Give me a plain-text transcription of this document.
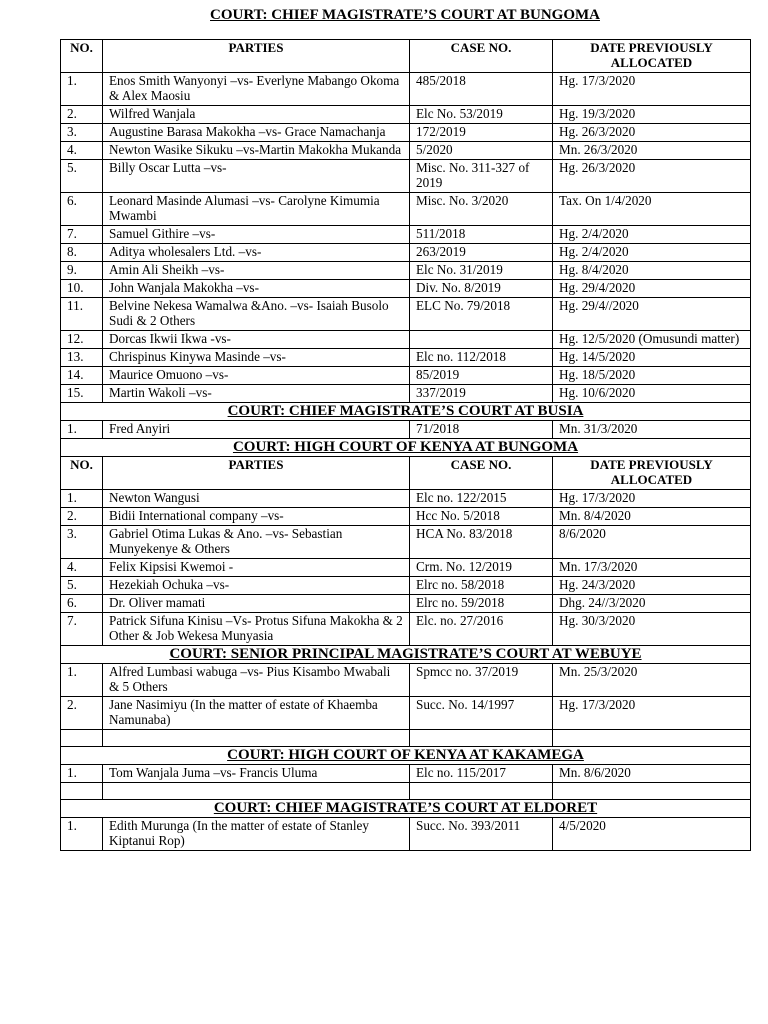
COURT: CHIEF MAGISTRATE’S COURT AT BUNGOMA
NO.	PARTIES	CASE NO.	DATE PREVIOUSLY ALLOCATED
1.	Enos Smith Wanyonyi –vs- Everlyne Mabango Okoma & Alex Maosiu	485/2018	Hg. 17/3/2020
2.	Wilfred Wanjala	Elc No. 53/2019	Hg. 19/3/2020
3.	Augustine Barasa Makokha –vs- Grace Namachanja	172/2019	Hg. 26/3/2020
4.	Newton Wasike Sikuku –vs-Martin Makokha Mukanda	5/2020	Mn. 26/3/2020
5.	Billy Oscar Lutta –vs-	Misc. No. 311-327 of 2019	Hg. 26/3/2020
6.	Leonard Masinde Alumasi –vs- Carolyne Kimumia Mwambi	Misc. No. 3/2020	Tax. On 1/4/2020
7.	Samuel Githire –vs-	511/2018	Hg. 2/4/2020
8.	Aditya wholesalers Ltd. –vs-	263/2019	Hg. 2/4/2020
9.	Amin Ali Sheikh –vs-	Elc No. 31/2019	Hg. 8/4/2020
10.	John Wanjala Makokha –vs-	Div. No. 8/2019	Hg. 29/4/2020
11.	Belvine Nekesa Wamalwa &Ano. –vs- Isaiah Busolo Sudi & 2 Others	ELC No. 79/2018	Hg. 29/4//2020
12.	Dorcas Ikwii Ikwa -vs-		Hg. 12/5/2020 (Omusundi matter)
13.	Chrispinus Kinywa Masinde –vs-	Elc no. 112/2018	Hg. 14/5/2020
14.	Maurice Omuono –vs-	85/2019	Hg. 18/5/2020
15.	Martin Wakoli –vs-	337/2019	Hg. 10/6/2020
COURT: CHIEF MAGISTRATE’S COURT AT BUSIA			
1.	Fred Anyiri	71/2018	Mn. 31/3/2020
COURT: HIGH COURT OF KENYA AT BUNGOMA			
NO.	PARTIES	CASE NO.	DATE PREVIOUSLY ALLOCATED
1.	Newton Wangusi	Elc no. 122/2015	Hg. 17/3/2020
2.	Bidii International company –vs-	Hcc No. 5/2018	Mn. 8/4/2020
3.	Gabriel Otima Lukas & Ano. –vs- Sebastian Munyekenye & Others	HCA No. 83/2018	8/6/2020
4.	Felix Kipsisi Kwemoi -	Crm. No. 12/2019	Mn. 17/3/2020
5.	Hezekiah Ochuka –vs-	Elrc no. 58/2018	Hg. 24/3/2020
6.	Dr. Oliver mamati	Elrc no. 59/2018	Dhg. 24//3/2020
7.	Patrick Sifuna Kinisu –Vs- Protus Sifuna Makokha & 2 Other & Job Wekesa Munyasia	Elc. no. 27/2016	Hg. 30/3/2020
COURT: SENIOR PRINCIPAL MAGISTRATE’S COURT AT WEBUYE			
1.	Alfred Lumbasi wabuga –vs- Pius Kisambo Mwabali & 5 Others	Spmcc no. 37/2019	Mn. 25/3/2020
2.	Jane Nasimiyu (In the matter of estate of Khaemba Namunaba)	Succ. No. 14/1997	Hg. 17/3/2020

COURT: HIGH COURT OF KENYA AT KAKAMEGA			
1.	Tom Wanjala Juma –vs- Francis Uluma	Elc no. 115/2017	Mn. 8/6/2020

COURT: CHIEF MAGISTRATE’S COURT AT ELDORET			
1.	Edith Murunga (In the matter of estate of Stanley Kiptanui Rop)	Succ. No. 393/2011	4/5/2020
